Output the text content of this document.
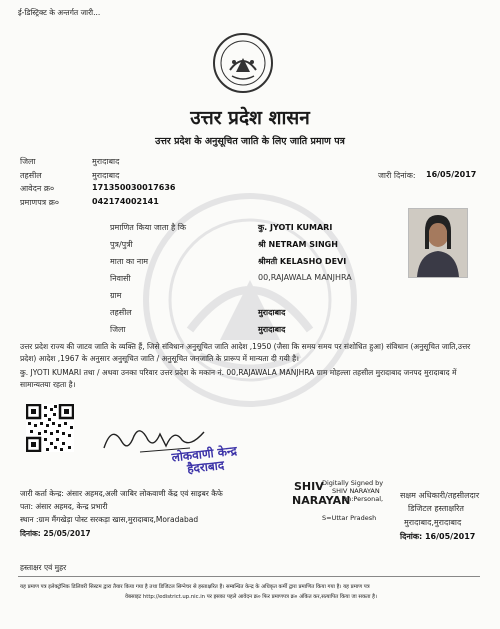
ई-डिस्ट्रिक्ट के अन्तर्गत जारी...
उत्तर प्रदेश शासन
उत्तर प्रदेश के अनुसूचित जाति के लिए जाति प्रमाण पत्र
जिला	मुरादाबाद
तहसील	मुरादाबाद
आवेदन क्र०	171350030017636
प्रमाणपत्र क्र०	042174002141
जारी दिनांक: 16/05/2017
प्रमाणित किया जाता है कि	कु. JYOTI KUMARI
पुत्र/पुत्री	श्री NETRAM SINGH
माता का नाम	श्रीमती KELASHO DEVI
निवासी	00,RAJAWALA MANJHRA
ग्राम
तहसील	मुरादाबाद
जिला	मुरादाबाद
उत्तर प्रदेश राज्य की जाटव जाति के व्यक्ति हैं, जिसे संविधान अनुसूचित जाति आदेश ,1950 (जैसा कि समय समय पर संशोधित हुआ) संविधान (अनुसूचित जाति,उत्तर प्रदेश) आदेश ,1967 के अनुसार अनुसूचित जाति / अनुसूचित जनजाति के प्रारूप में मान्यता दी गयी है।
कु. JYOTI KUMARI तथा / अथवा उनका परिवार उत्तर प्रदेश के मकान नं. 00,RAJAWALA MANJHRA ग्राम मोहल्ला तहसील मुरादाबाद जनपद मुरादाबाद में सामान्यतया रहता है।
लोकवाणी केन्द्र हैदराबाद
जारी कर्ता केन्द्र: अंसार अहमद,अली जाबिर लोकवाणी केंद्र एवं साइबर कैफे
पता: अंसार अहमद, केन्द्र प्रभारी
स्थान :ग्राम मैंगखेड़ा पोस्ट सरकड़ा खास,मुरादाबाद,Moradabad
दिनांक: 25/05/2017
SHIV
NARAYAN
Digitally Signed by
SHIV NARAYAN
On:Personal,
S=Uttar Pradesh
सक्षम अधिकारी/तहसीलदार
डिजिटल हस्ताक्षरित
मुरादाबाद,मुरादाबाद
दिनांक: 16/05/2017
हस्ताक्षर एवं मुहर
यह प्रमाण पत्र इलेक्ट्रॉनिक डिलिवरी सिस्टम द्वारा तैयार किया गया है तथा डिजिटल सिग्नेचर से हस्ताक्षरित है। सम्बन्धित केन्द्र के अधिकृत कर्मी द्वारा प्रमाणित किया गया है। यह प्रमाण पत्र
वेबसाइट http://edistrict.up.nic.in पर इसका पहले आवेदन क्र० फिर प्रमाणपत्र क्र० अंकित कर,सत्यापित किया जा सकता है।
